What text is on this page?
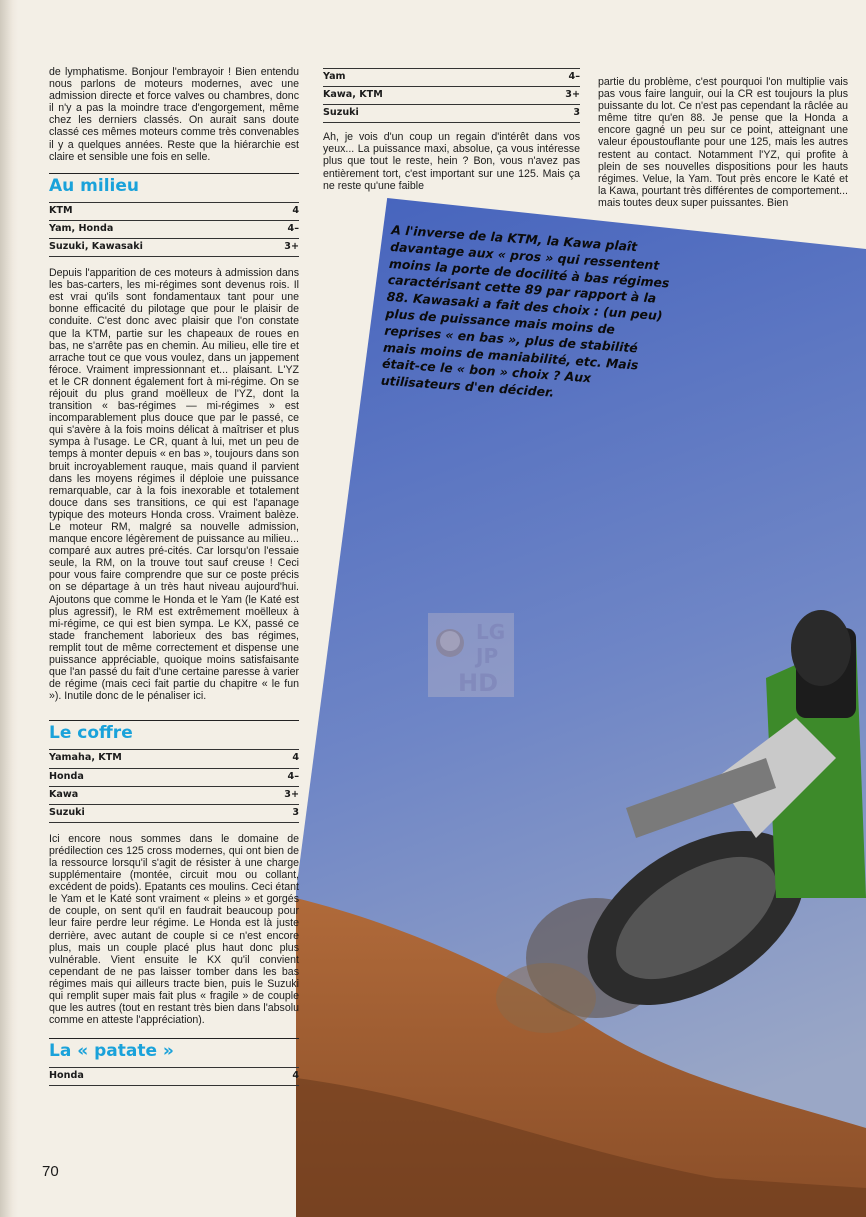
A l'inverse de la KTM, la Kawa plaît davantage aux « pros » qui ressentent moins la porte de docilité à bas régimes caractérisant cette 89 par rapport à la 88. Kawasaki a fait des choix : (un peu) plus de puissance mais moins de reprises « en bas », plus de stabilité mais moins de maniabilité, etc. Mais était-ce le « bon » choix ? Aux utilisateurs d'en décider.
LG
JP
HD

de lymphatisme. Bonjour l'embrayoir ! Bien entendu nous parlons de moteurs modernes, avec une admission directe et force valves ou chambres, donc il n'y a pas la moindre trace d'engorgement, même chez les derniers classés. On aurait sans doute classé ces mêmes moteurs comme très convenables il y a quelques années. Reste que la hiérarchie est claire et sensible une fois en selle.

Au milieu
KTM	4
Yam, Honda	4–
Suzuki, Kawasaki	3+

Depuis l'apparition de ces moteurs à admission dans les bas-carters, les mi-régimes sont devenus rois. Il est vrai qu'ils sont fondamentaux tant pour une bonne efficacité du pilotage que pour le plaisir de conduite. C'est donc avec plaisir que l'on constate que la KTM, partie sur les chapeaux de roues en bas, ne s'arrête pas en chemin. Au milieu, elle tire et arrache tout ce que vous voulez, dans un jappement féroce. Vraiment impressionnant et... plaisant. L'YZ et le CR donnent également fort à mi-régime. On se réjouit du plus grand moëlleux de l'YZ, dont la transition « bas-régimes — mi-régimes » est incomparablement plus douce que par le passé, ce qui s'avère à la fois moins délicat à maîtriser et plus sympa à l'usage. Le CR, quant à lui, met un peu de temps à monter depuis « en bas », toujours dans son bruit incroyablement rauque, mais quand il parvient dans les moyens régimes il déploie une puissance remarquable, car à la fois inexorable et totalement douce dans ses transitions, ce qui est l'apanage typique des moteurs Honda cross. Vraiment balèze. Le moteur RM, malgré sa nouvelle admission, manque encore légèrement de puissance au milieu... comparé aux autres pré-cités. Car lorsqu'on l'essaie seule, la RM, on la trouve tout sauf creuse ! Ceci pour vous faire comprendre que sur ce poste précis on se départage à un très haut niveau aujourd'hui. Ajoutons que comme le Honda et le Yam (le Katé est plus agressif), le RM est extrêmement moëlleux à mi-régime, ce qui est bien sympa. Le KX, passé ce stade franchement laborieux des bas régimes, remplit tout de même correctement et dispense une puissance appréciable, quoique moins satisfaisante que l'an passé du fait d'une certaine paresse à varier de régime (mais ceci fait partie du chapitre « le fun »). Inutile donc de le pénaliser ici.

Le coffre
Yamaha, KTM	4
Honda	4–
Kawa	3+
Suzuki	3

Ici encore nous sommes dans le domaine de prédilection ces 125 cross modernes, qui ont bien de la ressource lorsqu'il s'agit de résister à une charge supplémentaire (montée, circuit mou ou collant, excédent de poids). Epatants ces moulins. Ceci étant le Yam et le Katé sont vraiment « pleins » et gorgés de couple, on sent qu'il en faudrait beaucoup pour leur faire perdre leur régime. Le Honda est là juste derrière, avec autant de couple si ce n'est encore plus, mais un couple placé plus haut donc plus vulnérable. Vient ensuite le KX qu'il convient cependant de ne pas laisser tomber dans les bas régimes mais qui ailleurs tracte bien, puis le Suzuki qui remplit super mais fait plus « fragile » de couple que les autres (tout en restant très bien dans l'absolu comme en atteste l'appréciation).

La « patate »
Honda	4
Yam	4–
Kawa, KTM	3+
Suzuki	3

Ah, je vois d'un coup un regain d'intérêt dans vos yeux... La puissance maxi, absolue, ça vous intéresse plus que tout le reste, hein ? Bon, vous n'avez pas entièrement tort, c'est important sur une 125. Mais ça ne reste qu'une faible

partie du problème, c'est pourquoi l'on multiplie vais pas vous faire languir, oui la CR est toujours la plus puissante du lot. Ce n'est pas cependant la râclée au même titre qu'en 88. Je pense que la Honda a encore gagné un peu sur ce point, atteignant une valeur époustouflante pour une 125, mais les autres restent au contact. Notamment l'YZ, qui profite à plein de ses nouvelles dispositions pour les hauts régimes. Velue, la Yam. Tout près encore le Katé et la Kawa, pourtant très différentes de comportement... mais toutes deux super puissantes. Bien

70
